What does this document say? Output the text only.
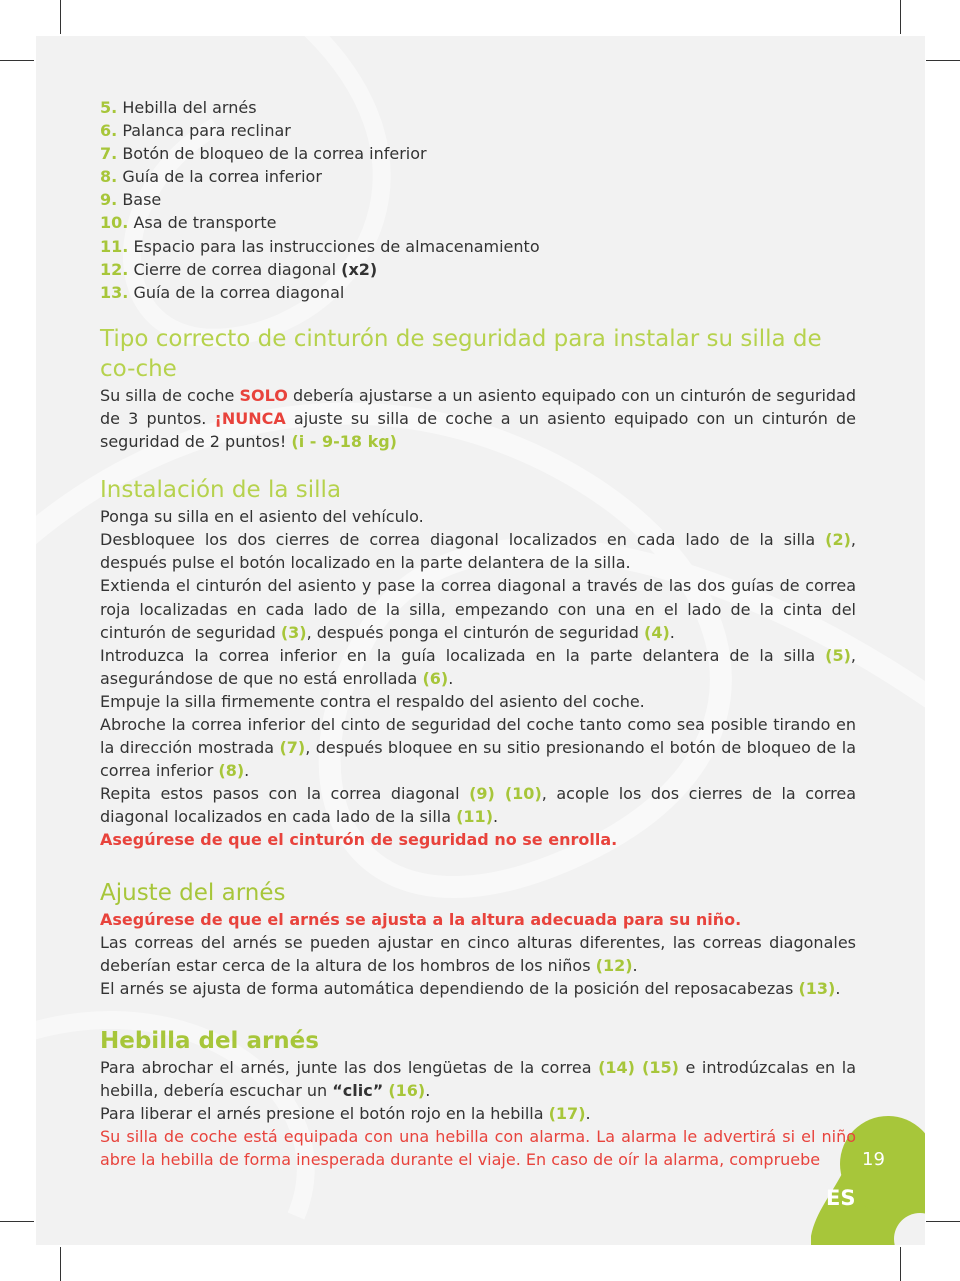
19
ES
5. Hebilla del arnés
6. Palanca para reclinar
7. Botón de bloqueo de la correa inferior
8. Guía de la correa inferior
9. Base
10. Asa de transporte
11. Espacio para las instrucciones de almacenamiento
12. Cierre de correa diagonal (x2)
13. Guía de la correa diagonal
Tipo correcto de cinturón de seguridad para instalar su silla de co-che

Su silla de coche SOLO debería ajustarse a un asiento equipado con un cinturón de seguridad de 3 puntos. ¡NUNCA ajuste su silla de coche a un asiento equipado con un cinturón de seguridad de 2 puntos! (i - 9-18 kg)

Instalación de la silla

Ponga su silla en el asiento del vehículo.

Desbloquee los dos cierres de correa diagonal localizados en cada lado de la silla (2), después pulse el botón localizado en la parte delantera de la silla.

Extienda el cinturón del asiento y pase la correa diagonal a través de las dos guías de correa roja localizadas en cada lado de la silla, empezando con una en el lado de la cinta del cinturón de seguridad (3), después ponga el cinturón de seguridad (4).

Introduzca la correa inferior en la guía localizada en la parte delantera de la silla (5), asegurándose de que no está enrollada (6).

Empuje la silla firmemente contra el respaldo del asiento del coche.

Abroche la correa inferior del cinto de seguridad del coche tanto como sea posible tirando en la dirección mostrada (7), después bloquee en su sitio presionando el botón de bloqueo de la correa inferior (8).

Repita estos pasos con la correa diagonal (9) (10), acople los dos cierres de la correa diagonal localizados en cada lado de la silla (11).

Asegúrese de que el cinturón de seguridad no se enrolla.

Ajuste del arnés

Asegúrese de que el arnés se ajusta a la altura adecuada para su niño.

Las correas del arnés se pueden ajustar en cinco alturas diferentes, las correas diagonales deberían estar cerca de la altura de los hombros de los niños (12).

El arnés se ajusta de forma automática dependiendo de la posición del reposacabezas (13).

Hebilla del arnés

Para abrochar el arnés, junte las dos lengüetas de la correa (14) (15) e introdúzcalas en la hebilla, debería escuchar un “clic” (16).

Para liberar el arnés presione el botón rojo en la hebilla (17).

Su silla de coche está equipada con una hebilla con alarma. La alarma le advertirá si el niño abre la hebilla de forma inesperada durante el viaje. En caso de oír la alarma, compruebe
